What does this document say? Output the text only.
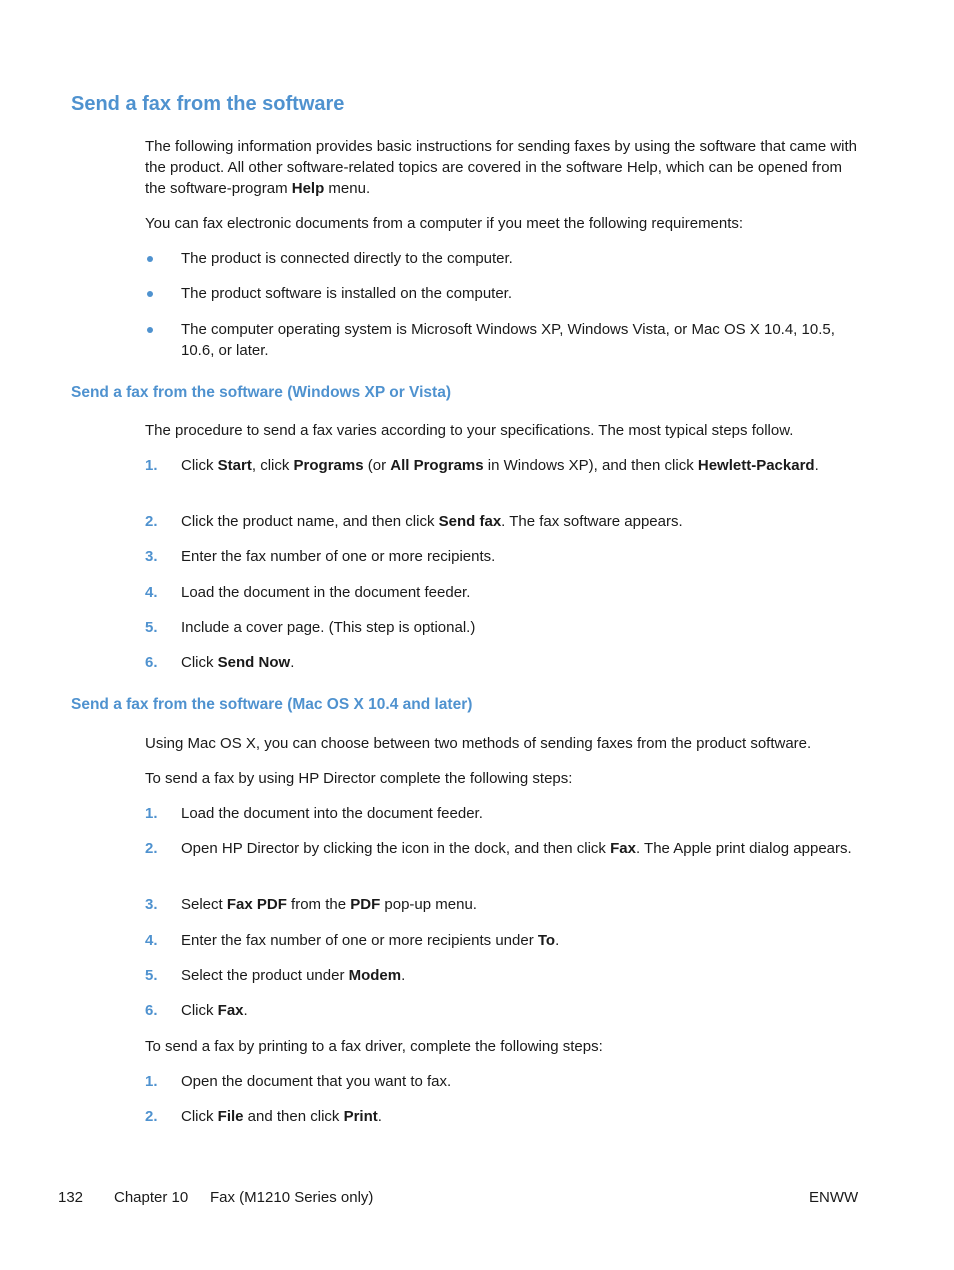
Send a fax from the software
The following information provides basic instructions for sending faxes by using the software that came with the product. All other software-related topics are covered in the software Help, which can be opened from the software-program Help menu.
You can fax electronic documents from a computer if you meet the following requirements:
The product is connected directly to the computer.
The product software is installed on the computer.
The computer operating system is Microsoft Windows XP, Windows Vista, or Mac OS X 10.4, 10.5, 10.6, or later.
Send a fax from the software (Windows XP or Vista)
The procedure to send a fax varies according to your specifications. The most typical steps follow.
1.	Click Start, click Programs (or All Programs in Windows XP), and then click Hewlett-Packard.
2.	Click the product name, and then click Send fax. The fax software appears.
3.	Enter the fax number of one or more recipients.
4.	Load the document in the document feeder.
5.	Include a cover page. (This step is optional.)
6.	Click Send Now.
Send a fax from the software (Mac OS X 10.4 and later)
Using Mac OS X, you can choose between two methods of sending faxes from the product software.
To send a fax by using HP Director complete the following steps:
1.	Load the document into the document feeder.
2.	Open HP Director by clicking the icon in the dock, and then click Fax. The Apple print dialog appears.
3.	Select Fax PDF from the PDF pop-up menu.
4.	Enter the fax number of one or more recipients under To.
5.	Select the product under Modem.
6.	Click Fax.
To send a fax by printing to a fax driver, complete the following steps:
1.	Open the document that you want to fax.
2.	Click File and then click Print.
132 Chapter 10 Fax (M1210 Series only)	ENWW
